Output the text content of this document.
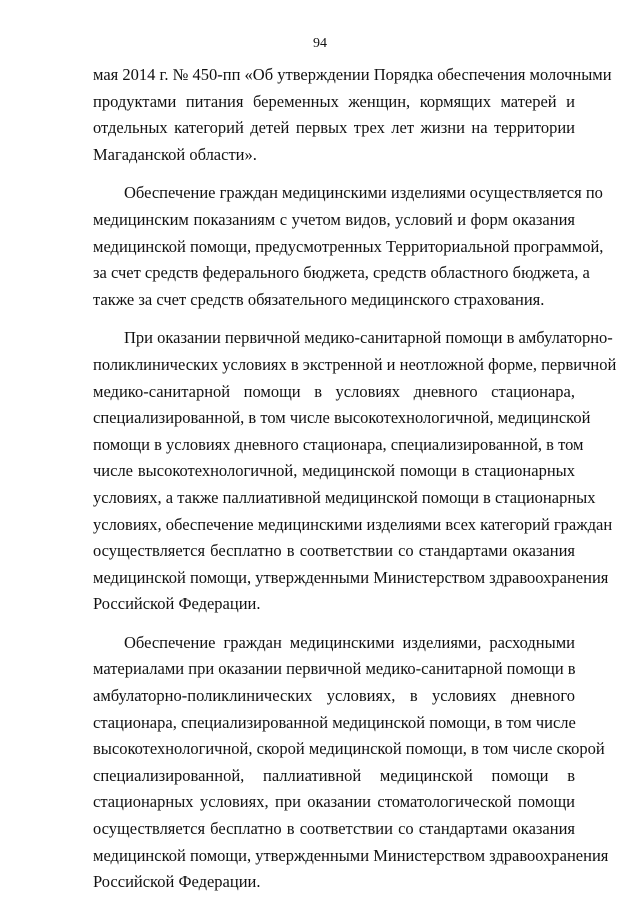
94

мая 2014 г. № 450-пп «Об утверждении Порядка обеспечения молочными
продуктами питания беременных женщин, кормящих матерей и
отдельных категорий детей первых трех лет жизни на территории
Магаданской области».

Обеспечение граждан медицинскими изделиями осуществляется по
медицинским показаниям с учетом видов, условий и форм оказания
медицинской помощи, предусмотренных Территориальной программой,
за счет средств федерального бюджета, средств областного бюджета, а
также за счет средств обязательного медицинского страхования.

При оказании первичной медико-санитарной помощи в амбулаторно-
поликлинических условиях в экстренной и неотложной форме, первичной
медико-санитарной помощи в условиях дневного стационара,
специализированной, в том числе высокотехнологичной, медицинской
помощи в условиях дневного стационара, специализированной, в том
числе высокотехнологичной, медицинской помощи в стационарных
условиях, а также паллиативной медицинской помощи в стационарных
условиях, обеспечение медицинскими изделиями всех категорий граждан
осуществляется бесплатно в соответствии со стандартами оказания
медицинской помощи, утвержденными Министерством здравоохранения
Российской Федерации.

Обеспечение граждан медицинскими изделиями, расходными
материалами при оказании первичной медико-санитарной помощи в
амбулаторно-поликлинических условиях, в условиях дневного
стационара, специализированной медицинской помощи, в том числе
высокотехнологичной, скорой медицинской помощи, в том числе скорой
специализированной, паллиативной медицинской помощи в
стационарных условиях, при оказании стоматологической помощи
осуществляется бесплатно в соответствии со стандартами оказания
медицинской помощи, утвержденными Министерством здравоохранения
Российской Федерации.
